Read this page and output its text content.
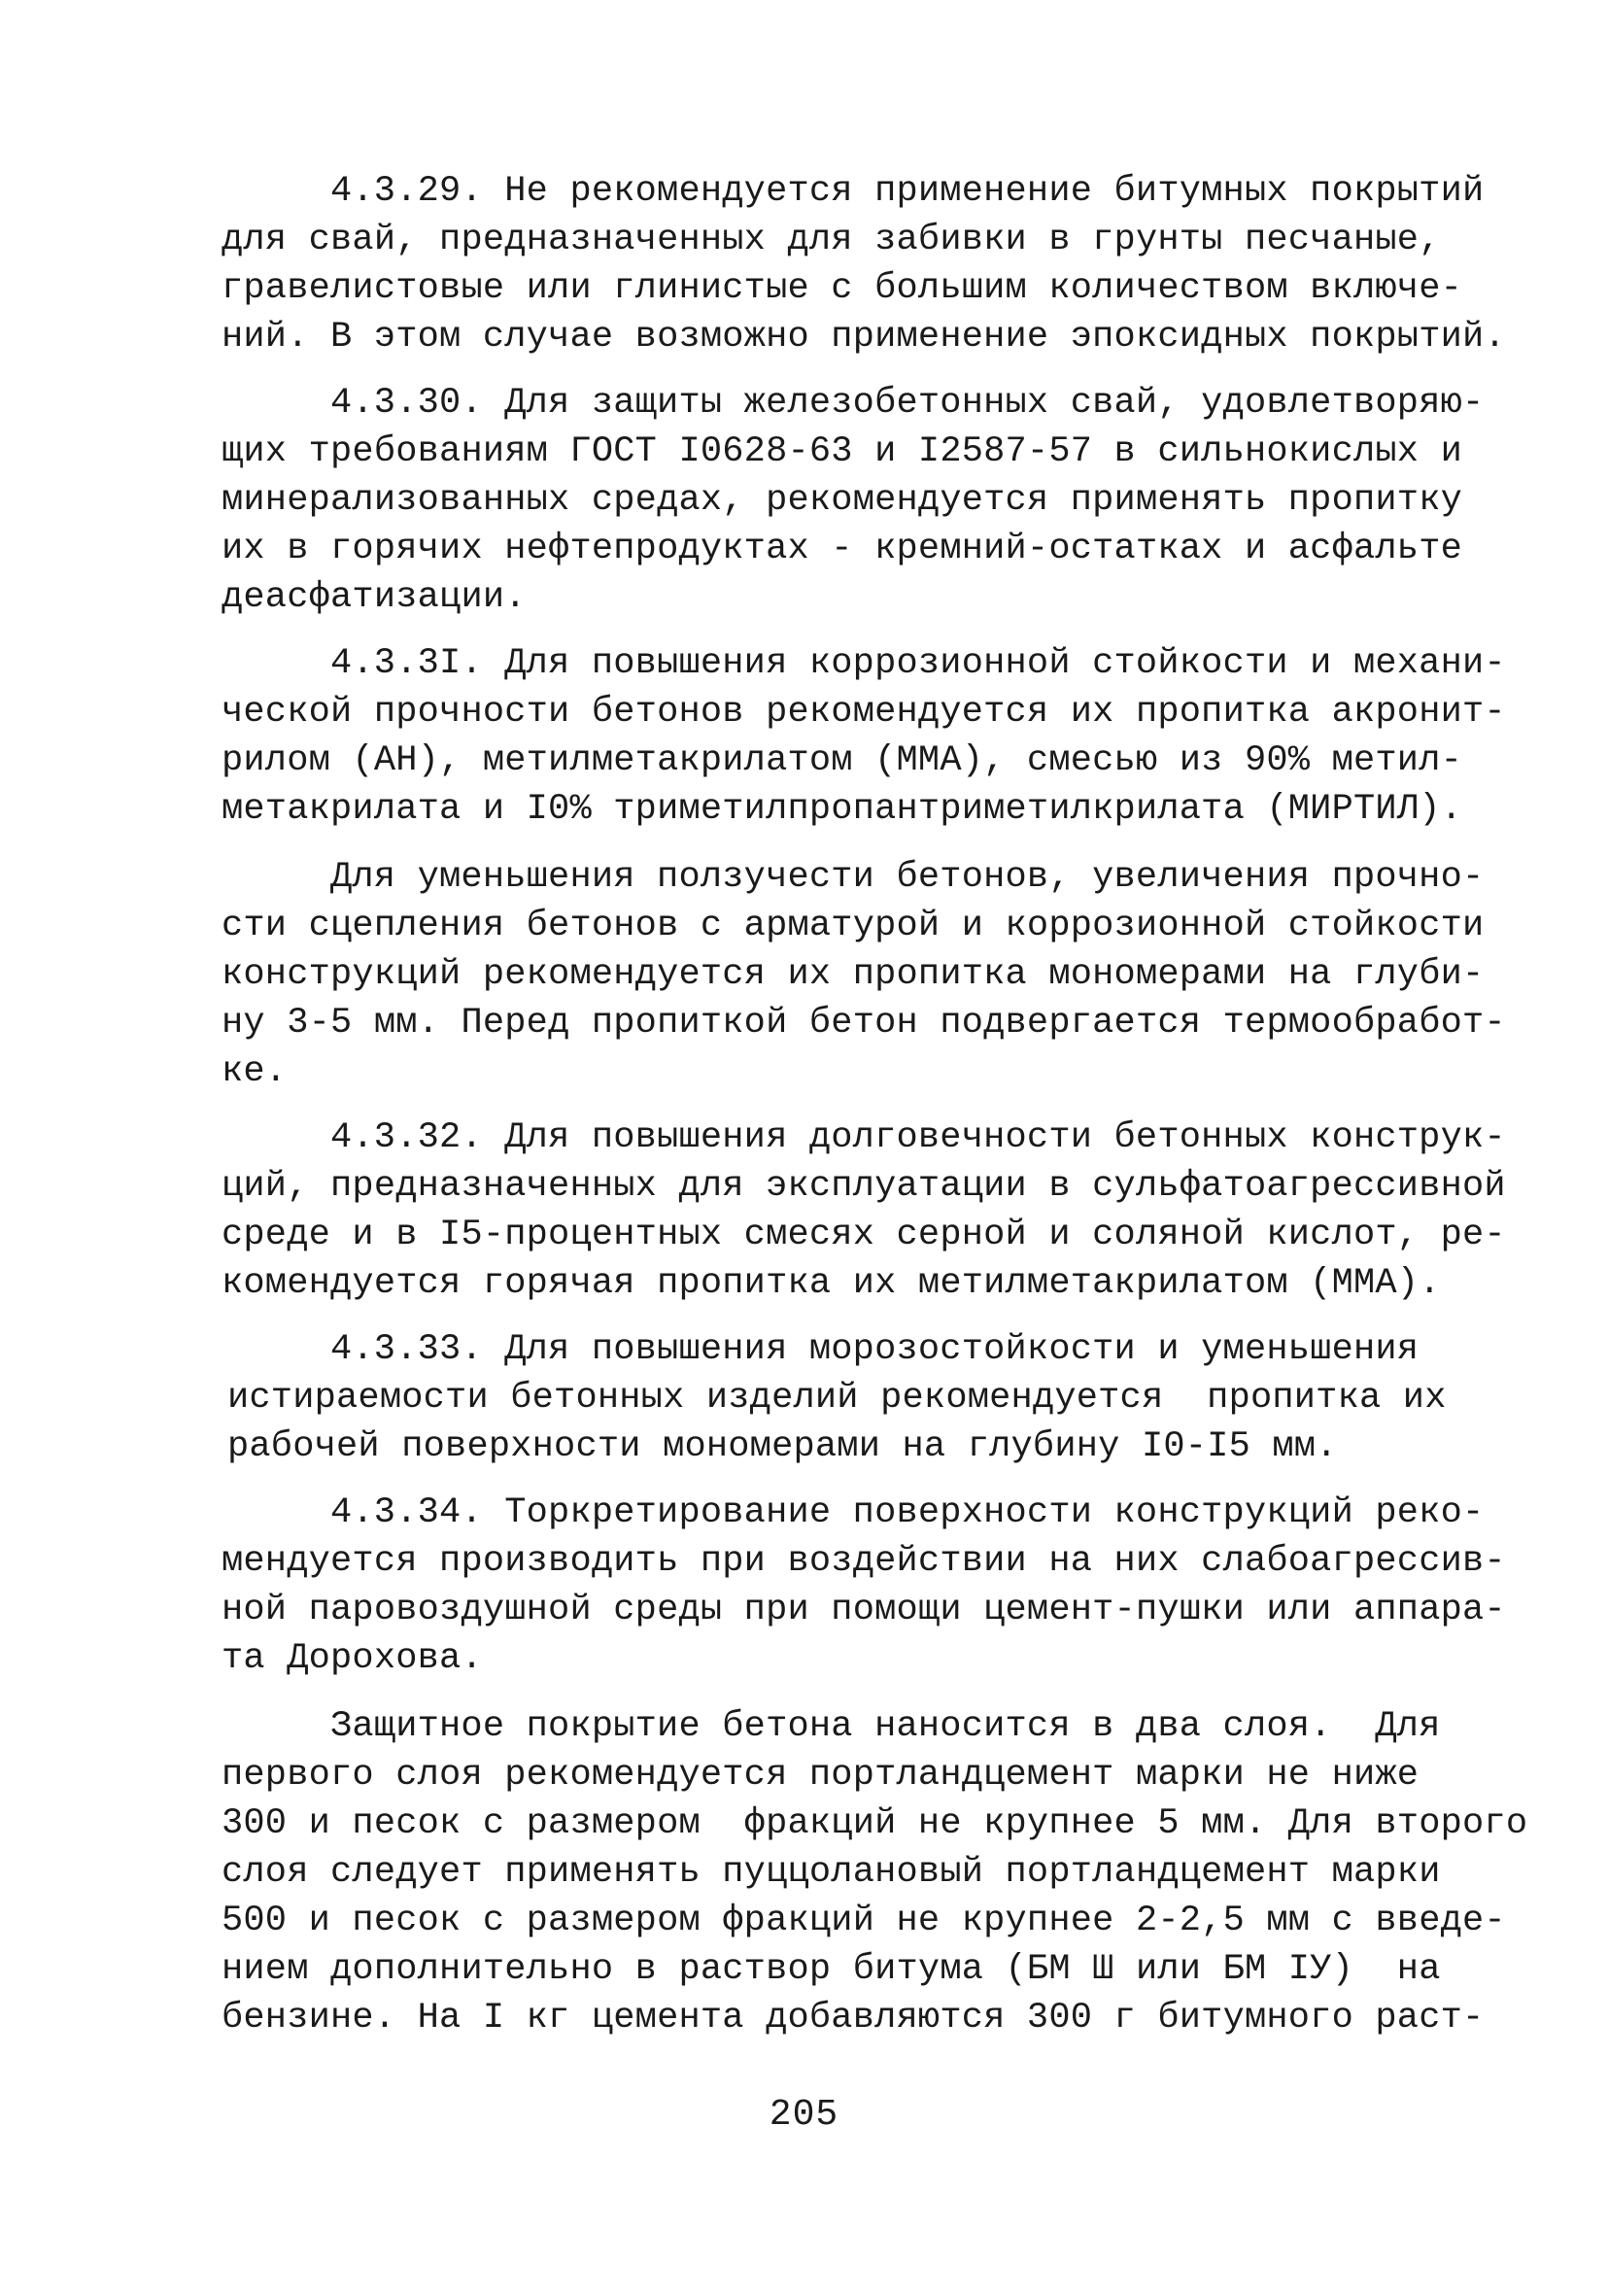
4.3.29. Не рекомендуется применение битумных покрытий
для свай, предназначенных для забивки в грунты песчаные,
гравелистовые или глинистые с большим количеством включе-
ний. В этом случае возможно применение эпоксидных покрытий.
4.3.30. Для защиты железобетонных свай, удовлетворяю-
щих требованиям ГОСТ I0628-63 и I2587-57 в сильнокислых и
минерализованных средах, рекомендуется применять пропитку
их в горячих нефтепродуктах - кремний-остатках и асфальте
деасфатизации.
4.3.3I. Для повышения коррозионной стойкости и механи-
ческой прочности бетонов рекомендуется их пропитка акронит-
рилом (АН), метилметакрилатом (ММА), смесью из 90% метил-
метакрилата и I0% триметилпропантриметилкрилата (МИРТИЛ).
Для уменьшения ползучести бетонов, увеличения прочно-
сти сцепления бетонов с арматурой и коррозионной стойкости
конструкций рекомендуется их пропитка мономерами на глуби-
ну 3-5 мм. Перед пропиткой бетон подвергается термообработ-
ке.
4.3.32. Для повышения долговечности бетонных конструк-
ций, предназначенных для эксплуатации в сульфатоагрессивной
среде и в I5-процентных смесях серной и соляной кислот, ре-
комендуется горячая пропитка их метилметакрилатом (ММА).
4.3.33. Для повышения морозостойкости и уменьшения
истираемости бетонных изделий рекомендуется  пропитка их
рабочей поверхности мономерами на глубину I0-I5 мм.
4.3.34. Торкретирование поверхности конструкций реко-
мендуется производить при воздействии на них слабоагрессив-
ной паровоздушной среды при помощи цемент-пушки или аппара-
та Дорохова.
Защитное покрытие бетона наносится в два слоя.  Для
первого слоя рекомендуется портландцемент марки не ниже
300 и песок с размером  фракций не крупнее 5 мм. Для второго
слоя следует применять пуццолановый портландцемент марки
500 и песок с размером фракций не крупнее 2-2,5 мм с введе-
нием дополнительно в раствор битума (БМ Ш или БМ IУ)  на
бензине. На I кг цемента добавляются 300 г битумного раст-
205
